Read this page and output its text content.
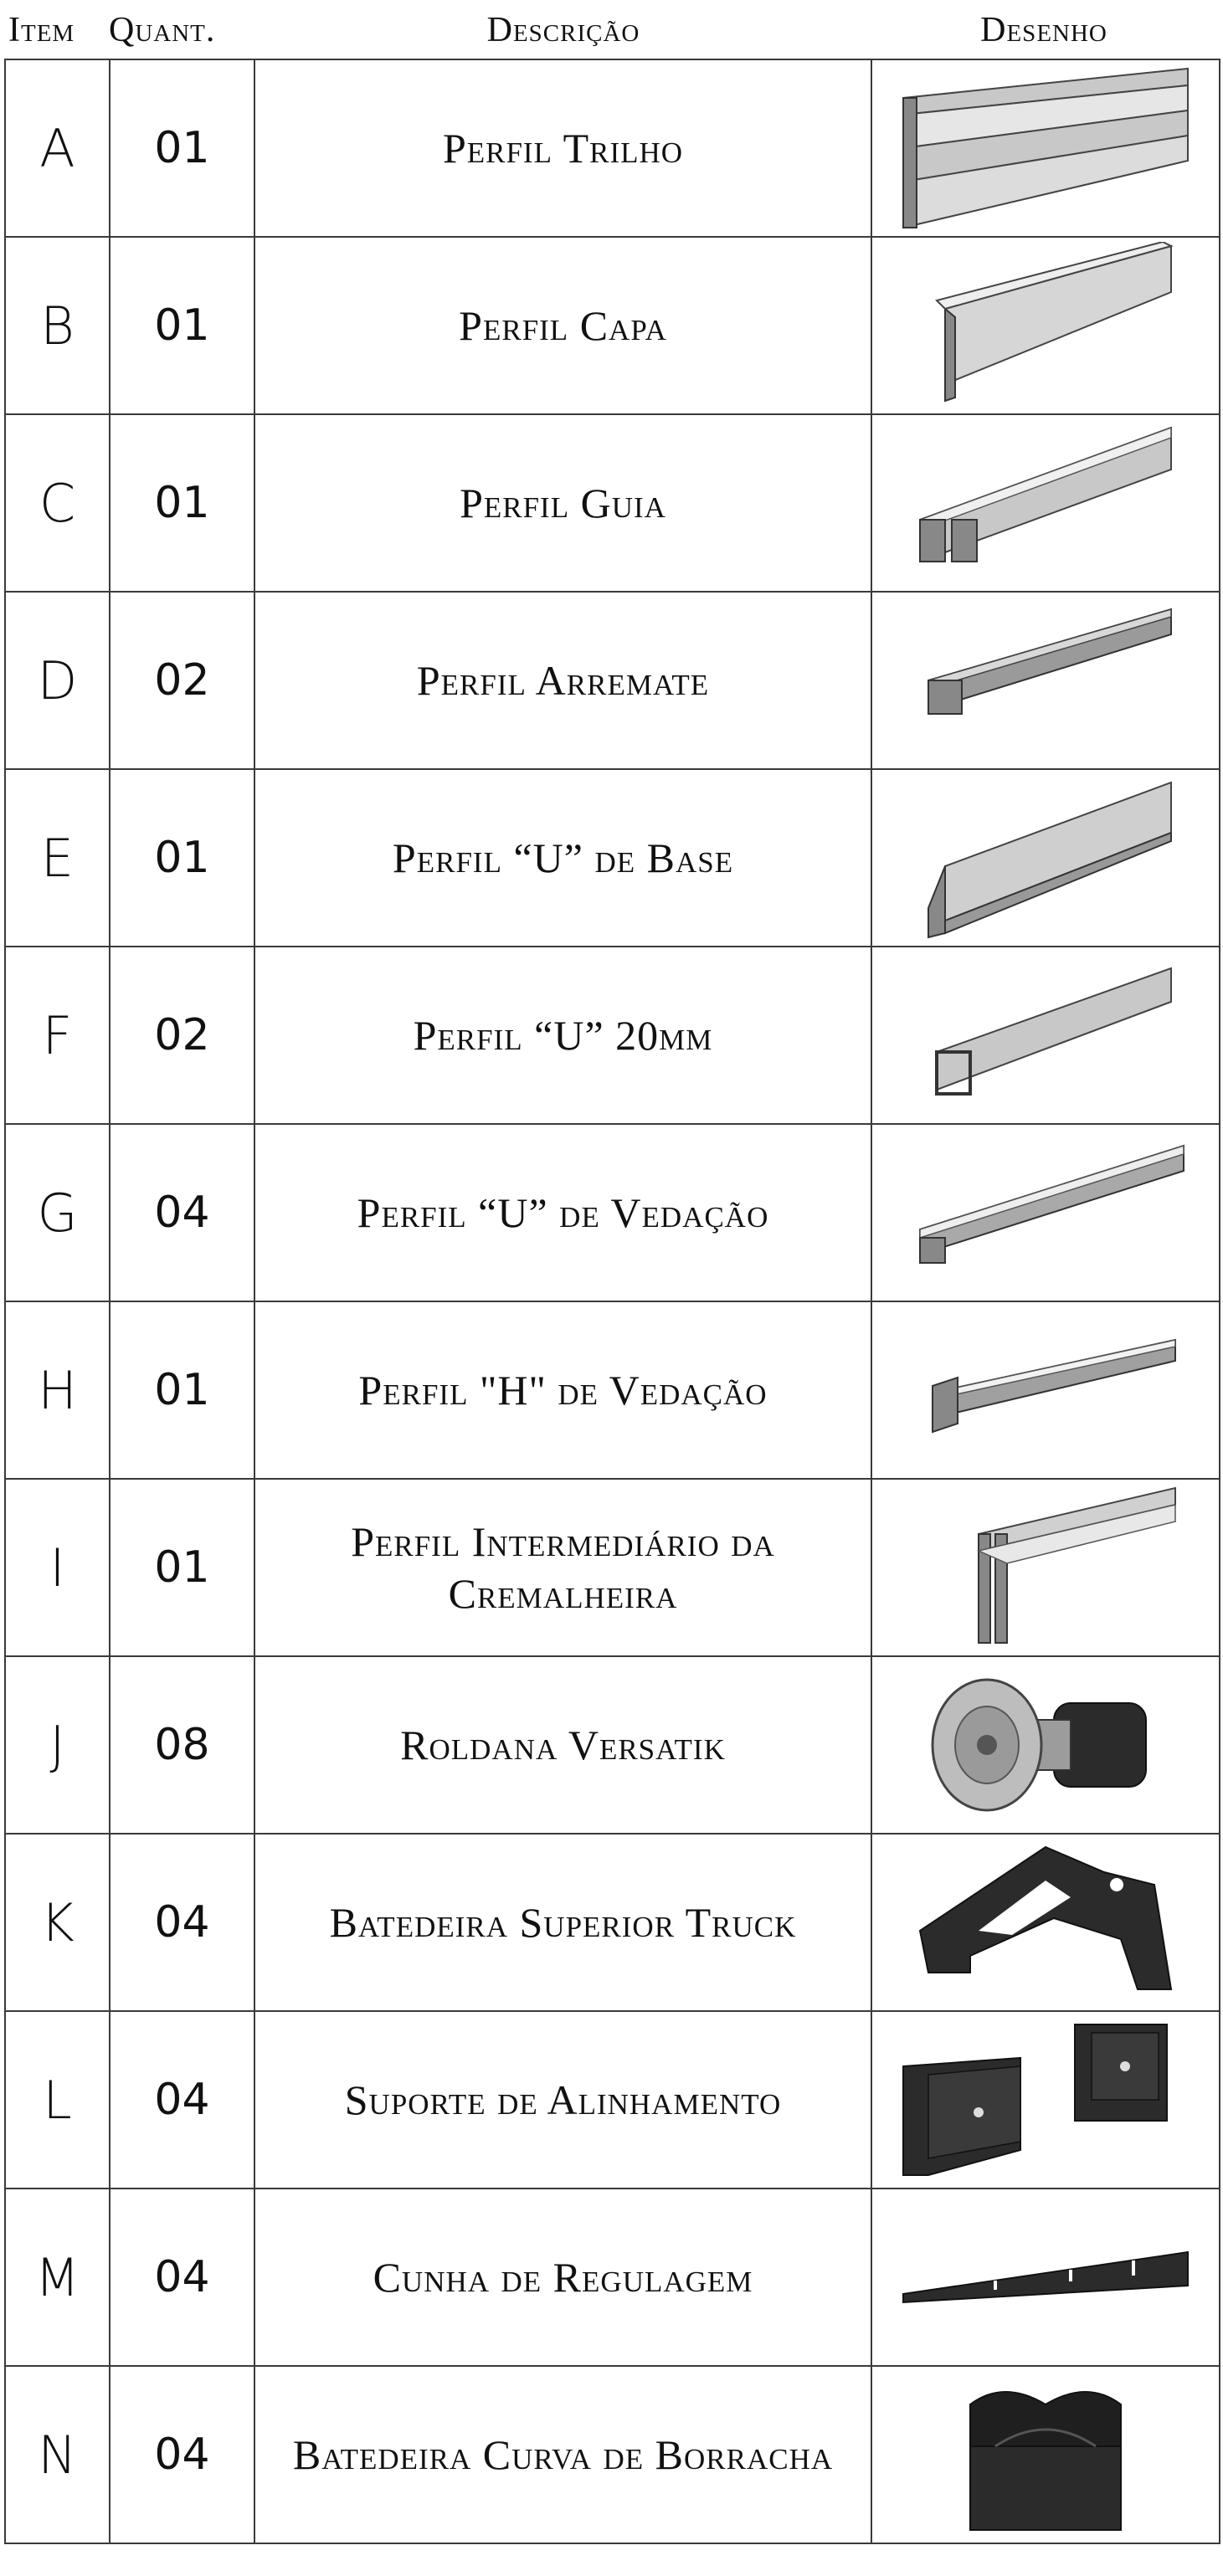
Item Quant.	Descrição	Desenho
A	01	Perfil Trilho	

B	01	Perfil Capa	

C	01	Perfil Guia	

D	02	Perfil Arremate	

E	01	Perfil “U” de Base	

F	02	Perfil “U” 20mm	

G	04	Perfil “U” de Vedação	

H	01	Perfil "H" de Vedação	

I	01	Perfil Intermediário da Cremalheira	

J	08	Roldana Versatik	

K	04	Batedeira Superior Truck	

L	04	Suporte de Alinhamento	

M	04	Cunha de Regulagem	

N	04	Batedeira Curva de Borracha	
